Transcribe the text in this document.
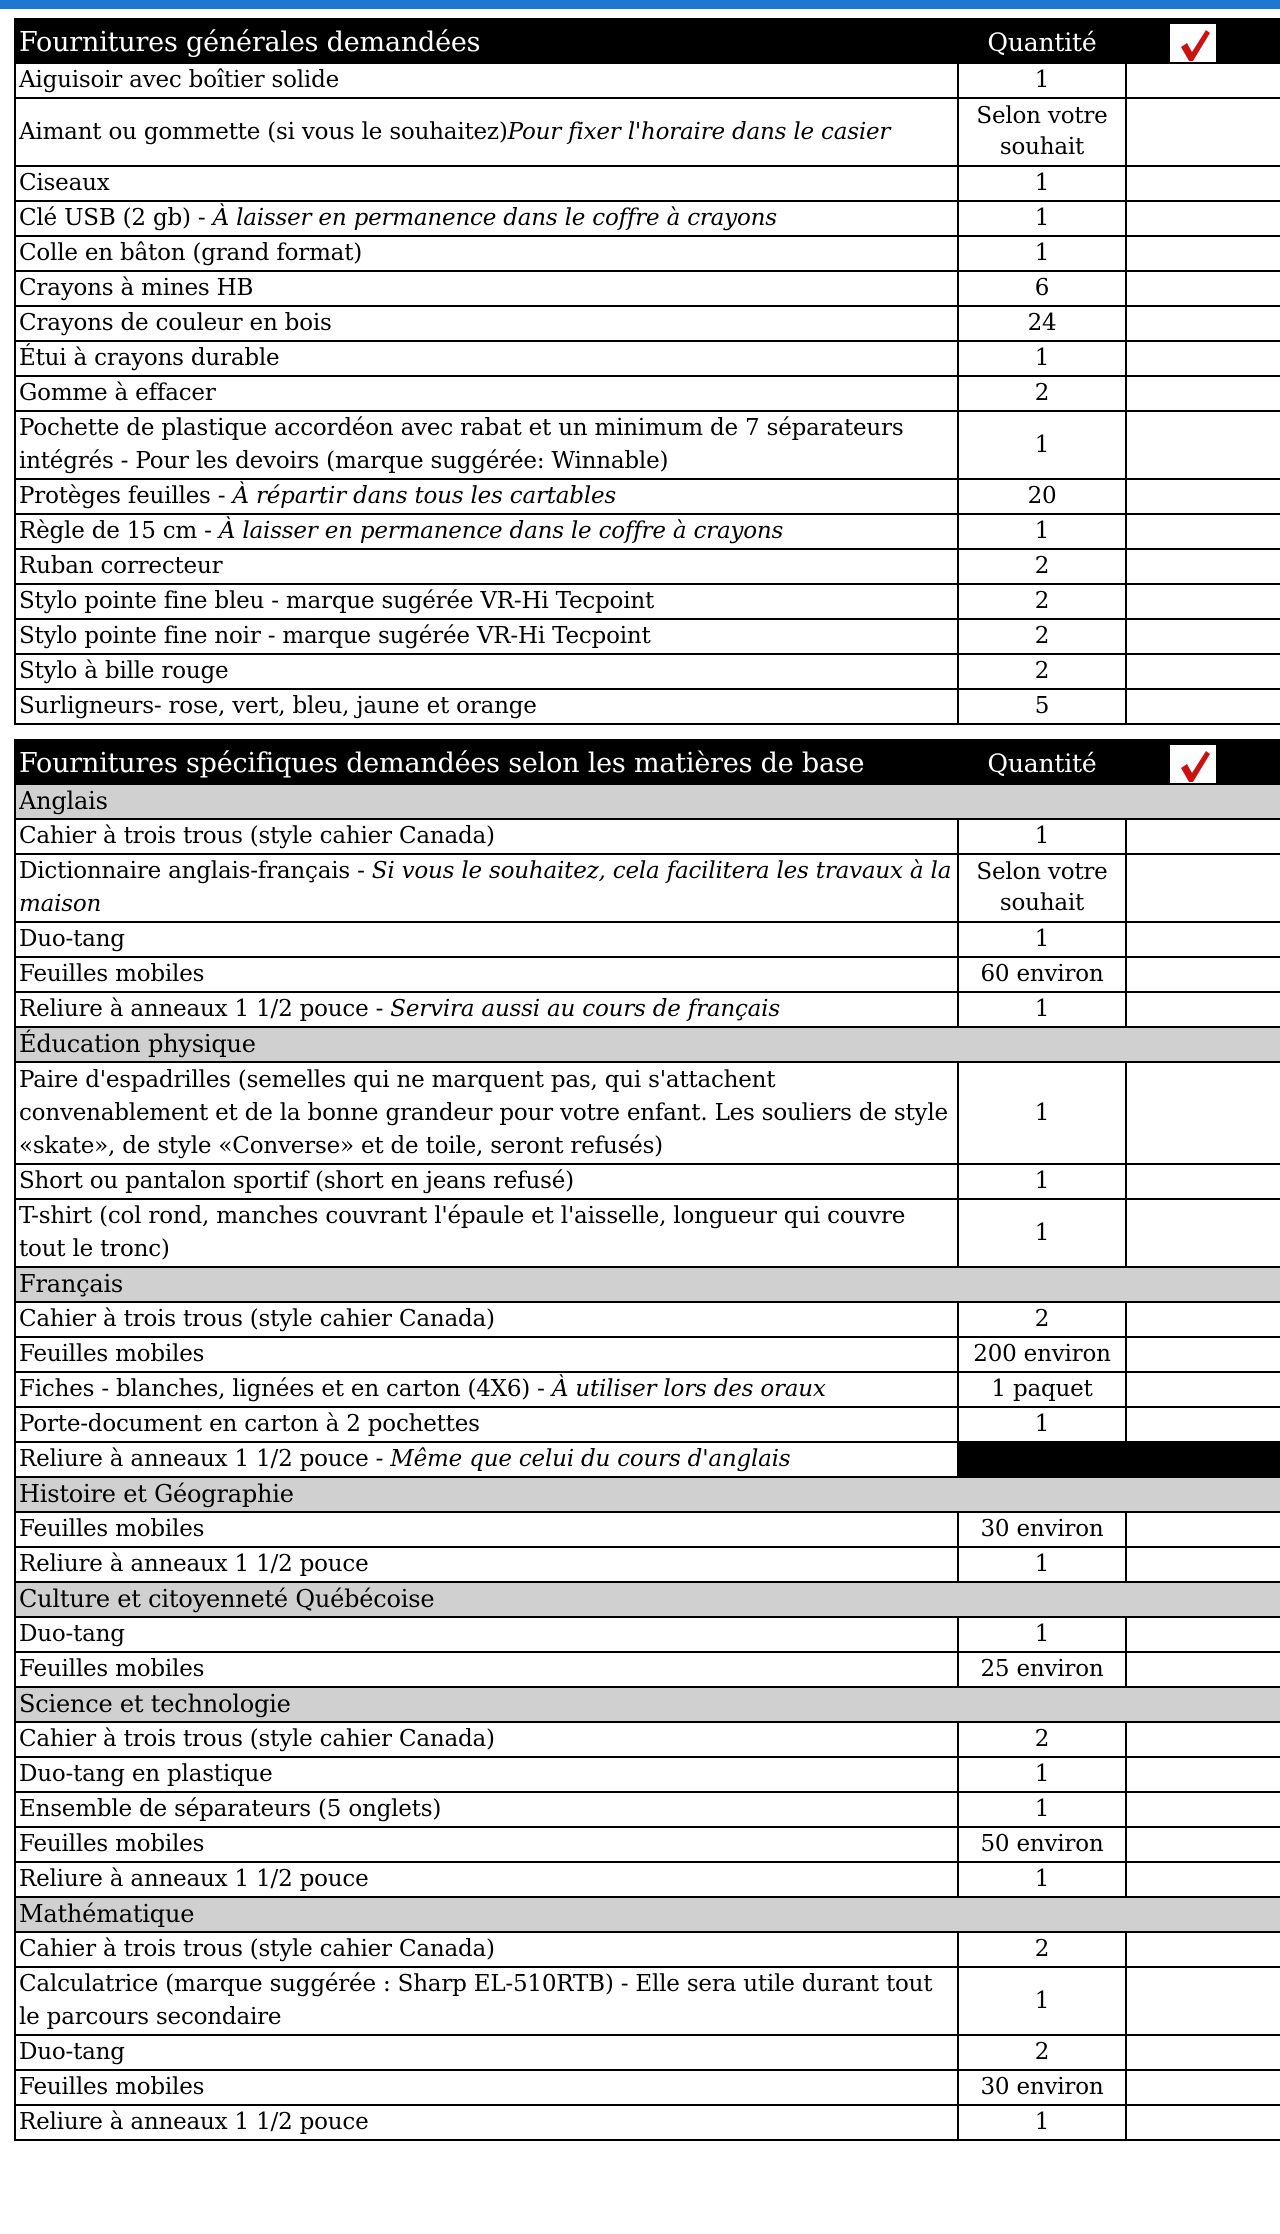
Fournitures générales demandées	Quantité	

Aiguisoir avec boîtier solide	1	
Aimant ou gommette (si vous le souhaitez)Pour fixer l'horaire dans le casier	Selon votre souhait	
Ciseaux	1	
Clé USB (2 gb) - À laisser en permanence dans le coffre à crayons	1	
Colle en bâton (grand format)	1	
Crayons à mines HB	6	
Crayons de couleur en bois	24	
Étui à crayons durable	1	
Gomme à effacer	2	
Pochette de plastique accordéon avec rabat et un minimum de 7 séparateurs intégrés - Pour les devoirs (marque suggérée: Winnable)	1	
Protèges feuilles - À répartir dans tous les cartables	20	
Règle de 15 cm - À laisser en permanence dans le coffre à crayons	1	
Ruban correcteur	2	
Stylo pointe fine bleu - marque sugérée VR-Hi Tecpoint	2	
Stylo pointe fine noir - marque sugérée VR-Hi Tecpoint	2	
Stylo à bille rouge	2	
Surligneurs- rose, vert, bleu, jaune et orange	5	
Fournitures spécifiques demandées selon les matières de base	Quantité	

Anglais		
Cahier à trois trous (style cahier Canada)	1	
Dictionnaire anglais-français - Si vous le souhaitez, cela facilitera les travaux à la maison	Selon votre souhait	
Duo-tang	1	
Feuilles mobiles	60 environ	
Reliure à anneaux 1 1/2 pouce - Servira aussi au cours de français	1	
Éducation physique		
Paire d'espadrilles (semelles qui ne marquent pas, qui s'attachent convenablement et de la bonne grandeur pour votre enfant. Les souliers de style «skate», de style «Converse» et de toile, seront refusés)	1	
Short ou pantalon sportif (short en jeans refusé)	1	
T-shirt (col rond, manches couvrant l'épaule et l'aisselle, longueur qui couvre tout le tronc)	1	
Français		
Cahier à trois trous (style cahier Canada)	2	
Feuilles mobiles	200 environ	
Fiches - blanches, lignées et en carton (4X6) - À utiliser lors des oraux	1 paquet	
Porte-document en carton à 2 pochettes	1	
Reliure à anneaux 1 1/2 pouce - Même que celui du cours d'anglais		
Histoire et Géographie		
Feuilles mobiles	30 environ	
Reliure à anneaux 1 1/2 pouce	1	
Culture et citoyenneté Québécoise		
Duo-tang	1	
Feuilles mobiles	25 environ	
Science et technologie		
Cahier à trois trous (style cahier Canada)	2	
Duo-tang en plastique	1	
Ensemble de séparateurs (5 onglets)	1	
Feuilles mobiles	50 environ	
Reliure à anneaux 1 1/2 pouce	1	
Mathématique		
Cahier à trois trous (style cahier Canada)	2	
Calculatrice (marque suggérée : Sharp EL-510RTB) - Elle sera utile durant tout le parcours secondaire	1	
Duo-tang	2	
Feuilles mobiles	30 environ	
Reliure à anneaux 1 1/2 pouce	1	
